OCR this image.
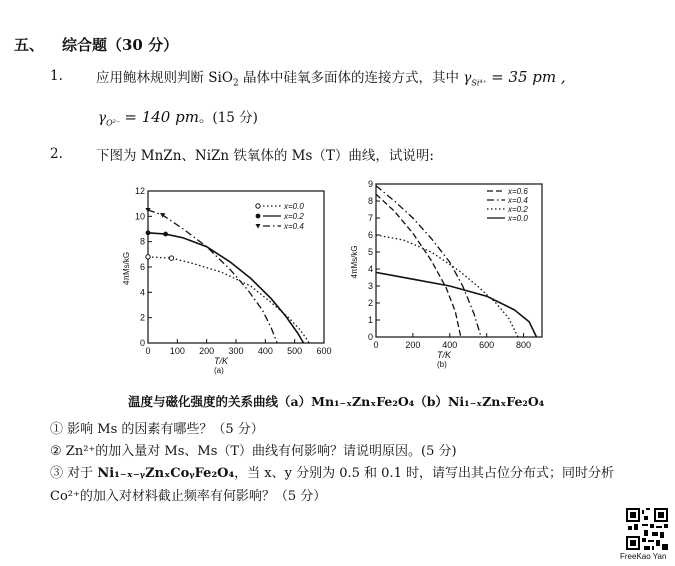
五、 综合题（30 分）
1. 应用鲍林规则判断 SiO$_2$ 晶体中硅氧多面体的连接方式，其中 $\gamma_{Si^{4+}} = 35$ pm ,
$\gamma_{O^{2-}} = 140$ pm。(15 分)
2. 下图为 MnZn、NiZn 铁氧体的 Ms（T）曲线，试说明:
0 100 200 300 400 500 600
0
2
4
6
8
10
12
T/K
(a)
4πMs/kG
x=0.0
x=0.2
x=0.4
0	200 400 600 800
0
1
2
3
4
5
6
7
8
9
T/K
(b)
4πMs/kG
x=0.6
x=0.4
x=0.2
x=0.0
温度与磁化强度的关系曲线（a）Mn₁₋ₓZnₓFe₂O₄（b）Ni₁₋ₓZnₓFe₂O₄
① 影响 Ms 的因素有哪些？（5 分）
② Zn²⁺的加入量对 Ms、Ms（T）曲线有何影响？请说明原因。(5 分)
③ 对于 Ni₁₋ₓ₋ᵧZnₓCoᵧFe₂O₄，当 x、y 分别为 0.5 和 0.1 时，请写出其占位分布式；同时分析
Co²⁺的加入对材料截止频率有何影响？（5 分）
FreeKao Yan
